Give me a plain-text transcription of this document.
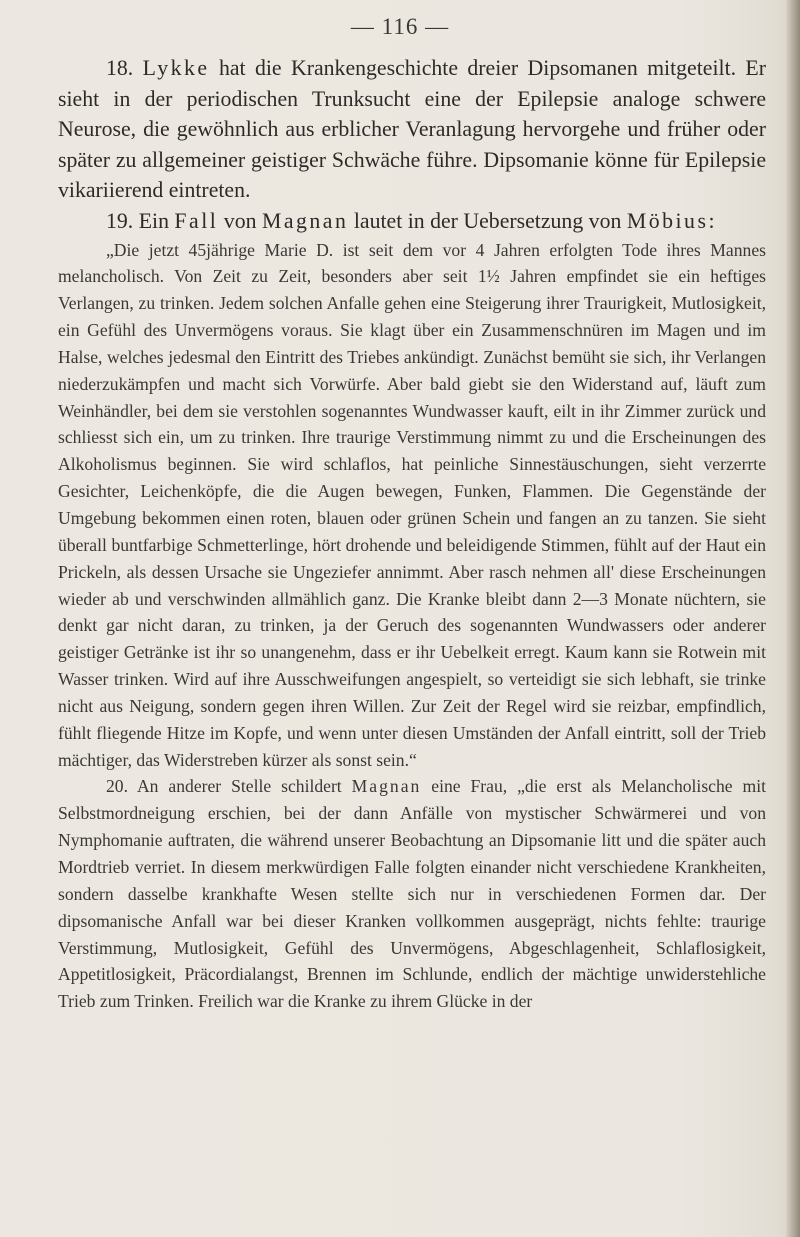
— 116 —

18. Lykke hat die Krankengeschichte dreier Dipsomanen mitgeteilt. Er sieht in der periodischen Trunksucht eine der Epilepsie analoge schwere Neurose, die gewöhnlich aus erblicher Veranlagung hervorgehe und früher oder später zu allgemeiner geistiger Schwäche führe. Dipsomanie könne für Epilepsie vikariierend eintreten.

19. Ein Fall von Magnan lautet in der Uebersetzung von Möbius:

„Die jetzt 45jährige Marie D. ist seit dem vor 4 Jahren erfolgten Tode ihres Mannes melancholisch. Von Zeit zu Zeit, besonders aber seit 1½ Jahren empfindet sie ein heftiges Verlangen, zu trinken. Jedem solchen Anfalle gehen eine Steigerung ihrer Traurigkeit, Mutlosigkeit, ein Gefühl des Unvermögens voraus. Sie klagt über ein Zusammenschnüren im Magen und im Halse, welches jedesmal den Eintritt des Triebes ankündigt. Zunächst bemüht sie sich, ihr Verlangen niederzukämpfen und macht sich Vorwürfe. Aber bald giebt sie den Widerstand auf, läuft zum Weinhändler, bei dem sie verstohlen sogenanntes Wundwasser kauft, eilt in ihr Zimmer zurück und schliesst sich ein, um zu trinken. Ihre traurige Verstimmung nimmt zu und die Erscheinungen des Alkoholismus beginnen. Sie wird schlaflos, hat peinliche Sinnestäuschungen, sieht verzerrte Gesichter, Leichenköpfe, die die Augen bewegen, Funken, Flammen. Die Gegenstände der Umgebung bekommen einen roten, blauen oder grünen Schein und fangen an zu tanzen. Sie sieht überall buntfarbige Schmetterlinge, hört drohende und beleidigende Stimmen, fühlt auf der Haut ein Prickeln, als dessen Ursache sie Ungeziefer annimmt. Aber rasch nehmen all' diese Erscheinungen wieder ab und verschwinden allmählich ganz. Die Kranke bleibt dann 2—3 Monate nüchtern, sie denkt gar nicht daran, zu trinken, ja der Geruch des sogenannten Wundwassers oder anderer geistiger Getränke ist ihr so unangenehm, dass er ihr Uebelkeit erregt. Kaum kann sie Rotwein mit Wasser trinken. Wird auf ihre Ausschweifungen angespielt, so verteidigt sie sich lebhaft, sie trinke nicht aus Neigung, sondern gegen ihren Willen. Zur Zeit der Regel wird sie reizbar, empfindlich, fühlt fliegende Hitze im Kopfe, und wenn unter diesen Umständen der Anfall eintritt, soll der Trieb mächtiger, das Widerstreben kürzer als sonst sein.“

20. An anderer Stelle schildert Magnan eine Frau, „die erst als Melancholische mit Selbstmordneigung erschien, bei der dann Anfälle von mystischer Schwärmerei und von Nymphomanie auftraten, die während unserer Beobachtung an Dipsomanie litt und die später auch Mordtrieb verriet. In diesem merkwürdigen Falle folgten einander nicht verschiedene Krankheiten, sondern dasselbe krankhafte Wesen stellte sich nur in verschiedenen Formen dar. Der dipsomanische Anfall war bei dieser Kranken vollkommen ausgeprägt, nichts fehlte: traurige Verstimmung, Mutlosigkeit, Gefühl des Unvermögens, Abgeschlagenheit, Schlaflosigkeit, Appetitlosigkeit, Präcordialangst, Brennen im Schlunde, endlich der mächtige unwiderstehliche Trieb zum Trinken. Freilich war die Kranke zu ihrem Glücke in der
